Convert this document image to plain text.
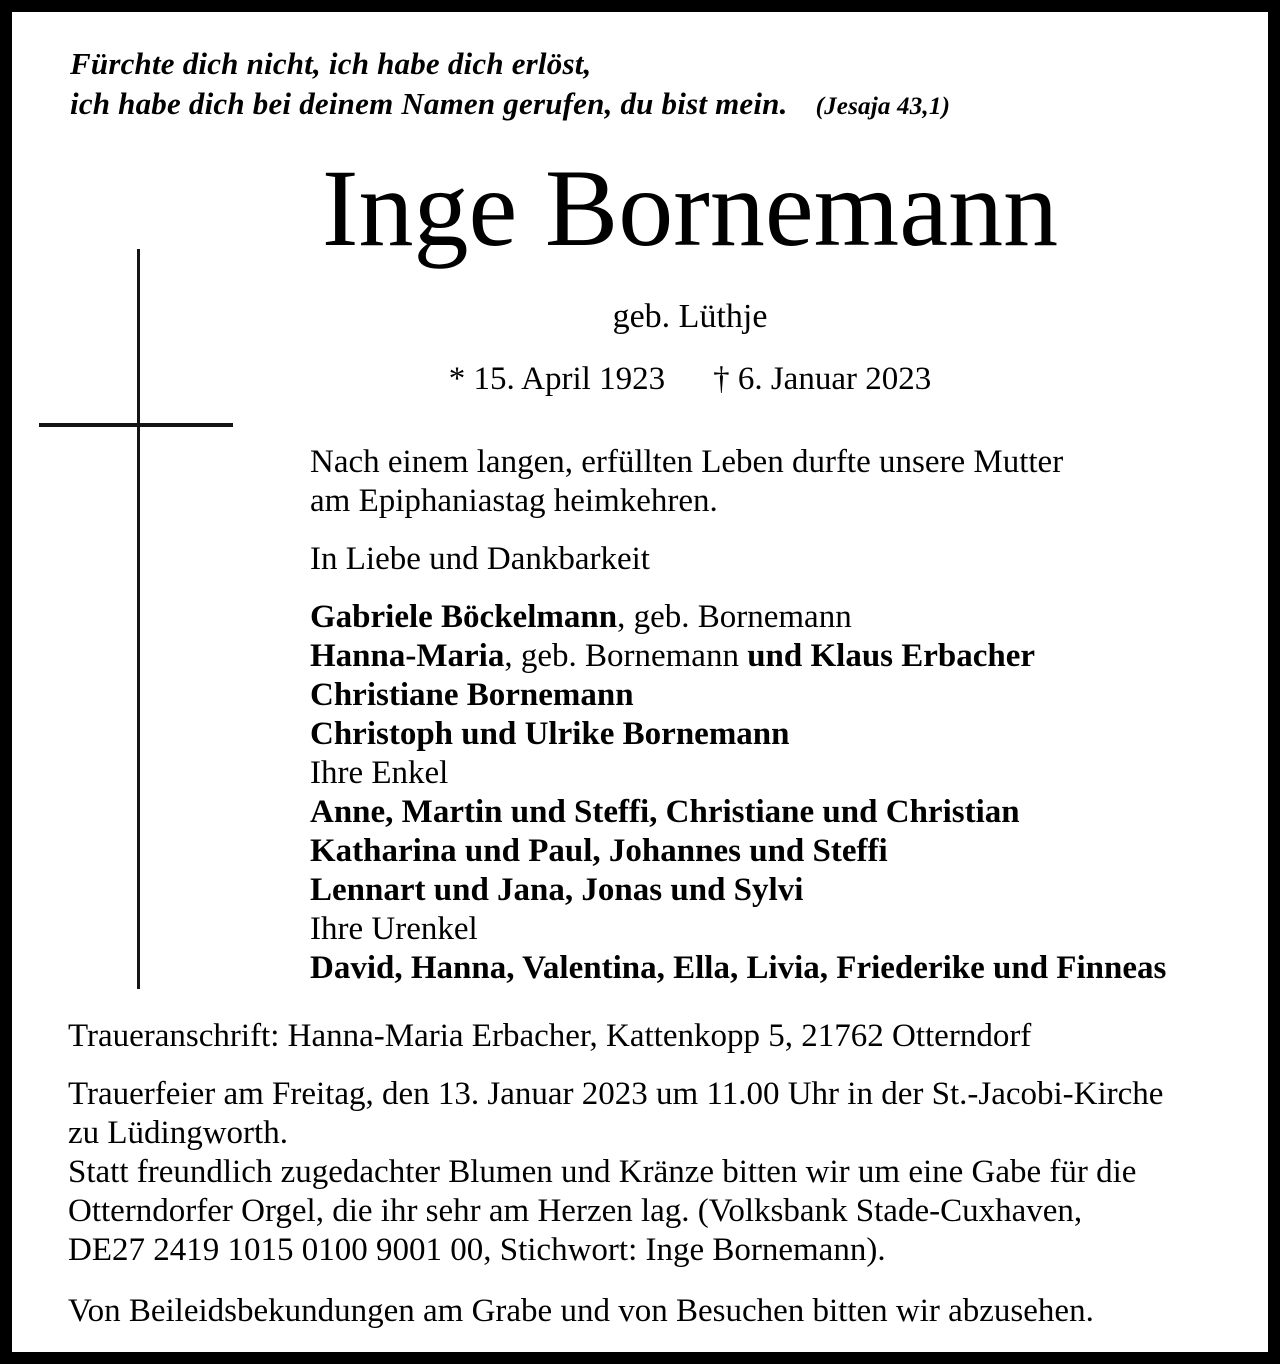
Fürchte dich nicht, ich habe dich erlöst,
ich habe dich bei deinem Namen gerufen, du bist mein. (Jesaja 43,1)
Inge Bornemann
geb. Lüthje
* 15. April 1923 † 6. Januar 2023
Nach einem langen, erfüllten Leben durfte unsere Mutter
am Epiphaniastag heimkehren.
In Liebe und Dankbarkeit
Gabriele Böckelmann, geb. Bornemann
Hanna-Maria, geb. Bornemann und Klaus Erbacher
Christiane Bornemann
Christoph und Ulrike Bornemann
Ihre Enkel
Anne, Martin und Steffi, Christiane und Christian
Katharina und Paul, Johannes und Steffi
Lennart und Jana, Jonas und Sylvi
Ihre Urenkel
David, Hanna, Valentina, Ella, Livia, Friederike und Finneas
Traueranschrift: Hanna-Maria Erbacher, Kattenkopp 5, 21762 Otterndorf
Trauerfeier am Freitag, den 13. Januar 2023 um 11.00 Uhr in der St.-Jacobi-Kirche
zu Lüdingworth.
Statt freundlich zugedachter Blumen und Kränze bitten wir um eine Gabe für die
Otterndorfer Orgel, die ihr sehr am Herzen lag. (Volksbank Stade-Cuxhaven,
DE27 2419 1015 0100 9001 00, Stichwort: Inge Bornemann).
Von Beileidsbekundungen am Grabe und von Besuchen bitten wir abzusehen.
